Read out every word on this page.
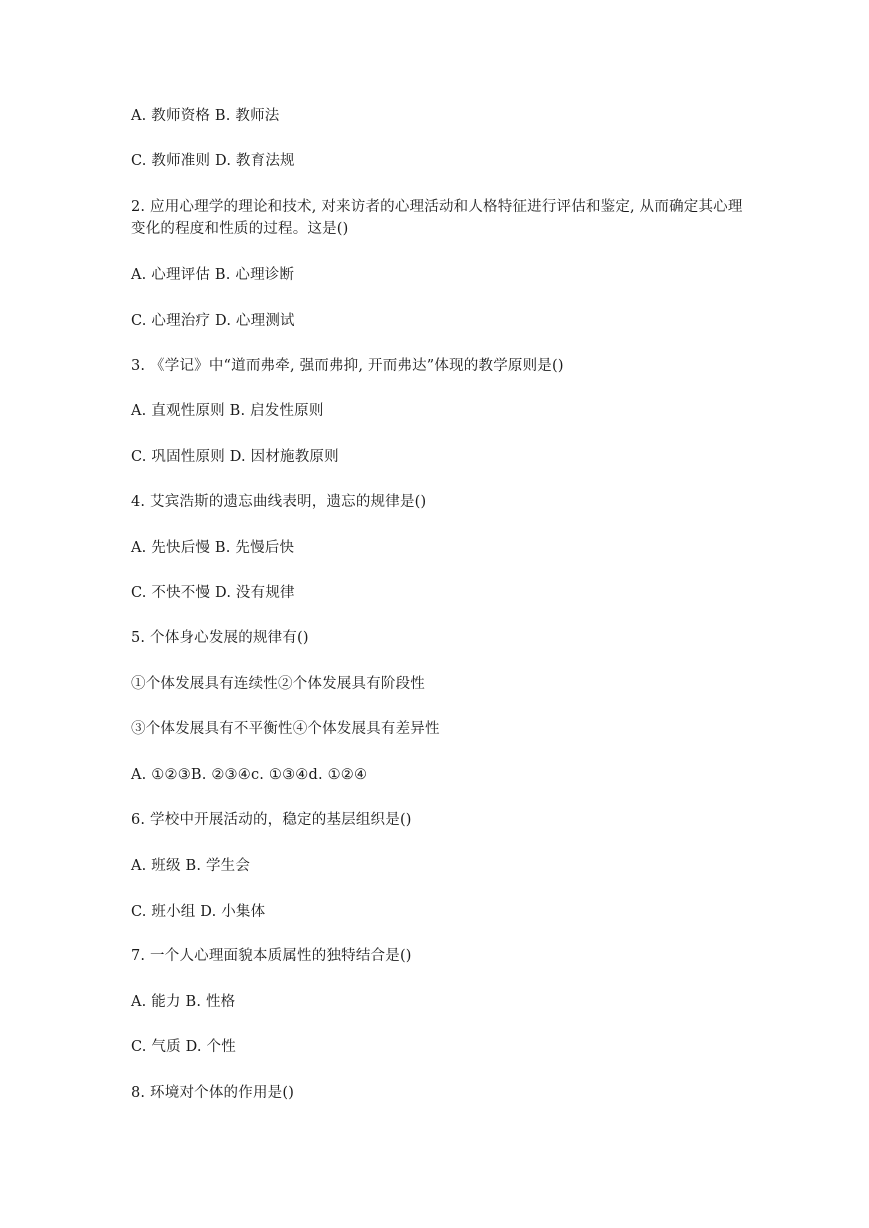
A. 教师资格 B. 教师法
C. 教师准则 D. 教育法规
2. 应用心理学的理论和技术, 对来访者的心理活动和人格特征进行评估和鉴定, 从而确定其心理变化的程度和性质的过程。这是()
A. 心理评估 B. 心理诊断
C. 心理治疗 D. 心理测试
3. 《学记》中“道而弗牵, 强而弗抑, 开而弗达”体现的教学原则是()
A. 直观性原则 B. 启发性原则
C. 巩固性原则 D. 因材施教原则
4. 艾宾浩斯的遗忘曲线表明，遗忘的规律是()
A. 先快后慢 B. 先慢后快
C. 不快不慢 D. 没有规律
5. 个体身心发展的规律有()
①个体发展具有连续性②个体发展具有阶段性
③个体发展具有不平衡性④个体发展具有差异性
A. ①②③B. ②③④c. ①③④d. ①②④
6. 学校中开展活动的，稳定的基层组织是()
A. 班级 B. 学生会
C. 班小组 D. 小集体
7. 一个人心理面貌本质属性的独特结合是()
A. 能力 B. 性格
C. 气质 D. 个性
8. 环境对个体的作用是()
